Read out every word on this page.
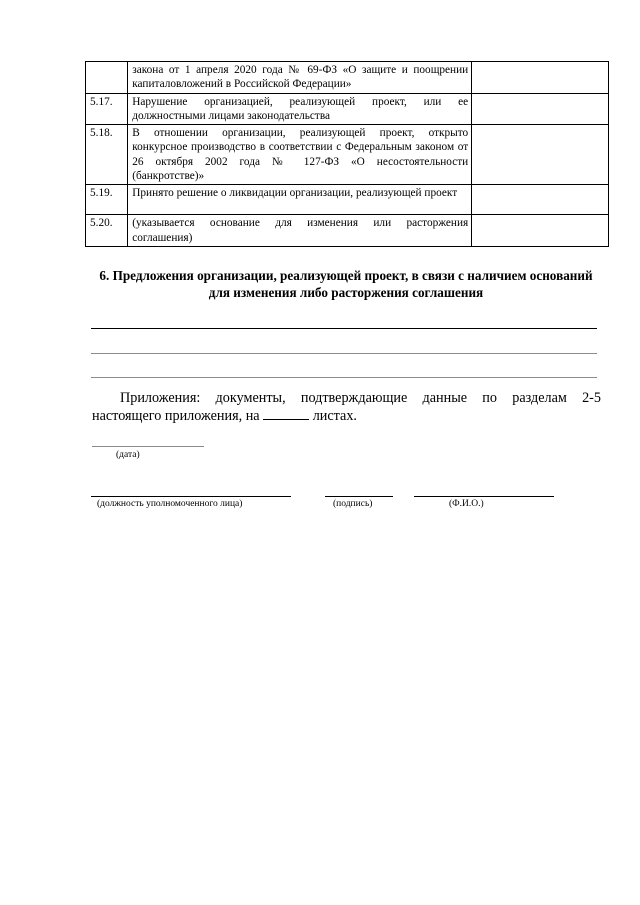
	закона от 1 апреля 2020 года № 69-ФЗ «О защите и поощрении капиталовложений в Российской Федерации»	
5.17.	Нарушение организацией, реализующей проект, или ее должностными лицами законодательства	
5.18.	В отношении организации, реализующей проект, открыто конкурсное производство в соответствии с Федеральным законом от 26 октября 2002 года № 127-ФЗ «О несостоятельности (банкротстве)»	
5.19.	Принято решение о ликвидации организации, реализующей проект	
5.20.	(указывается основание для изменения или расторжения соглашения)	
6. Предложения организации, реализующей проект, в связи с наличием оснований для изменения либо расторжения соглашения
Приложения: документы, подтверждающие данные по разделам 2-5 настоящего приложения, на	листах.
(дата)
(должность уполномоченного лица)	(подпись)	(Ф.И.О.)
